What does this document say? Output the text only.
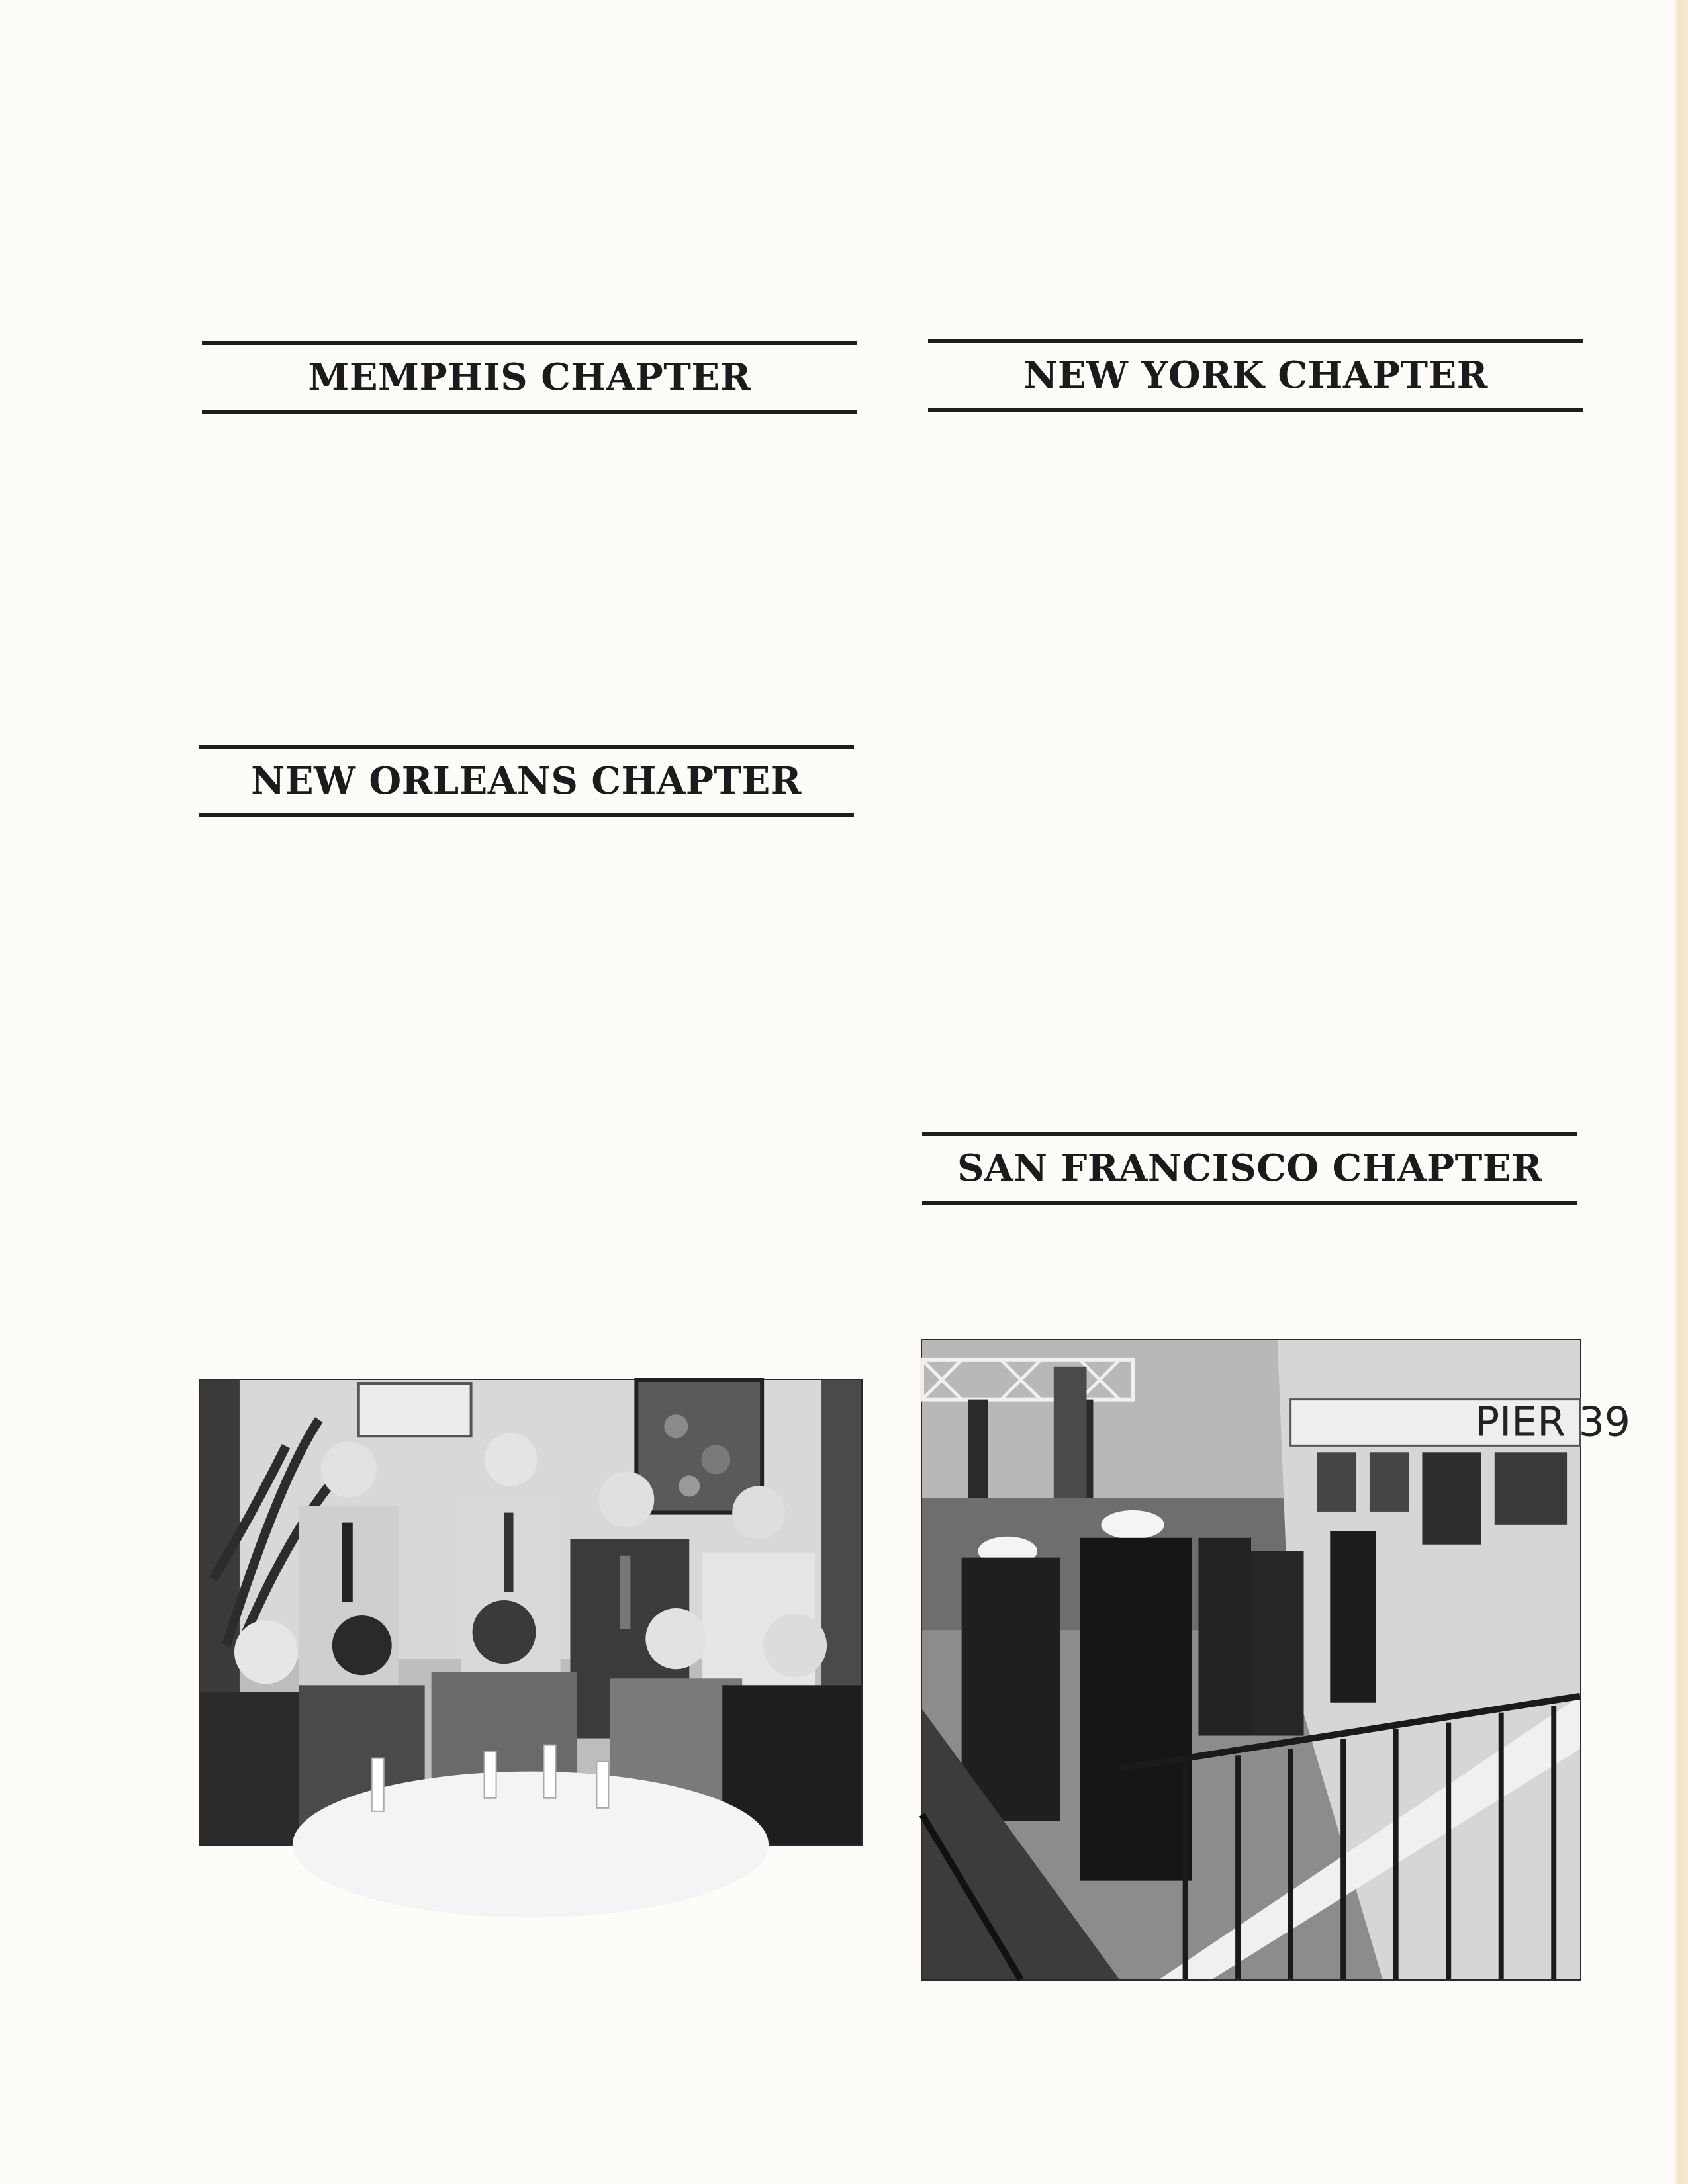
MEMPHIS CHAPTER	NEW YORK CHAPTER
NEW ORLEANS CHAPTER
SAN FRANCISCO CHAPTER
PIER 39
